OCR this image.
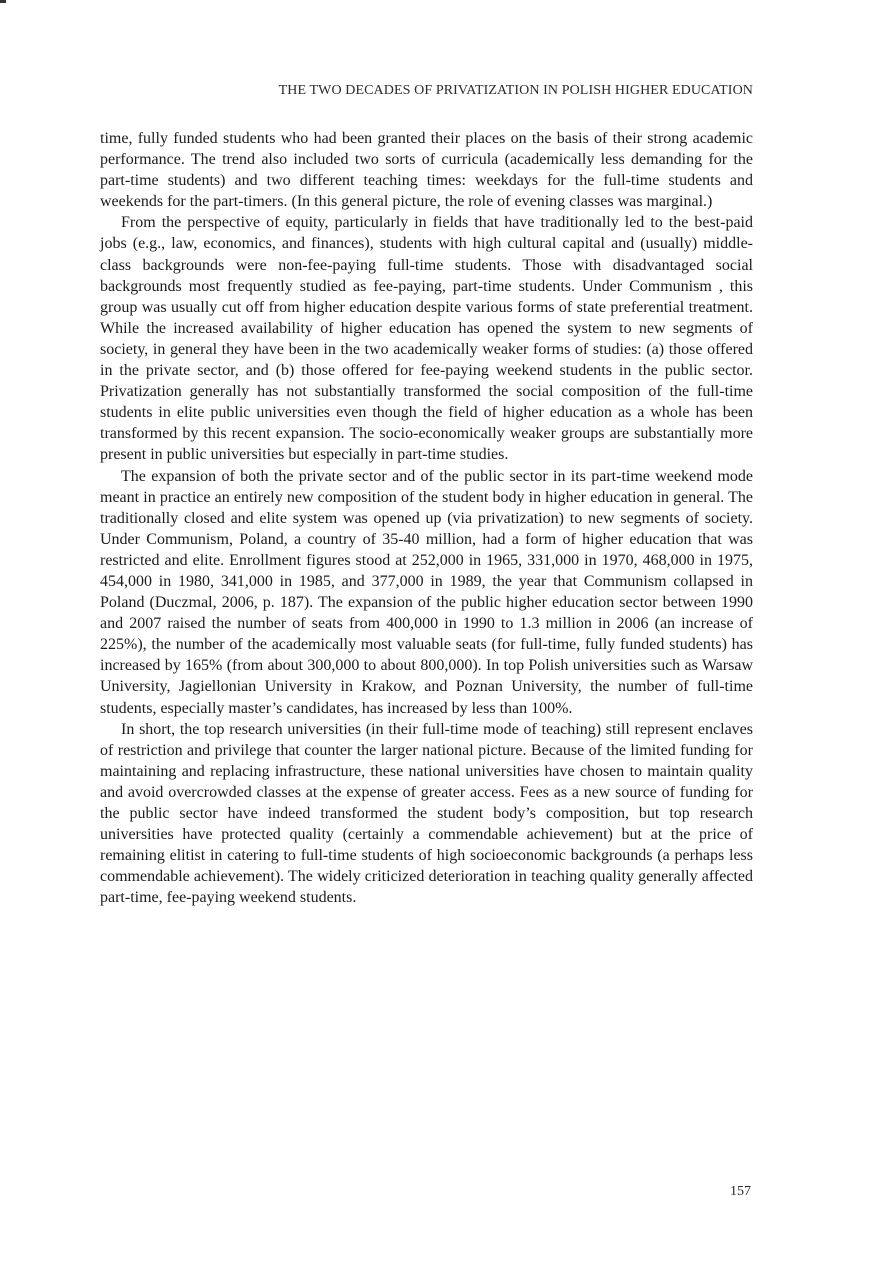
THE TWO DECADES OF PRIVATIZATION IN POLISH HIGHER EDUCATION

time, fully funded students who had been granted their places on the basis of their strong academic performance. The trend also included two sorts of curricula (academically less demanding for the part-time students) and two different teaching times: weekdays for the full-time students and weekends for the part-timers. (In this general picture, the role of evening classes was marginal.)

From the perspective of equity, particularly in fields that have traditionally led to the best-paid jobs (e.g., law, economics, and finances), students with high cultural capital and (usually) middle-class backgrounds were non-fee-paying full-time students. Those with disadvantaged social backgrounds most frequently studied as fee-paying, part-time students. Under Communism , this group was usually cut off from higher education despite various forms of state preferential treatment. While the increased availability of higher education has opened the system to new segments of society, in general they have been in the two academically weaker forms of studies: (a) those offered in the private sector, and (b) those offered for fee-paying weekend students in the public sector. Privatization generally has not substantially transformed the social composition of the full-time students in elite public universities even though the field of higher education as a whole has been transformed by this recent expansion. The socio-economically weaker groups are substantially more present in public universities but especially in part-time studies.

The expansion of both the private sector and of the public sector in its part-time weekend mode meant in practice an entirely new composition of the student body in higher education in general. The traditionally closed and elite system was opened up (via privatization) to new segments of society. Under Communism, Poland, a country of 35-40 million, had a form of higher education that was restricted and elite. Enrollment figures stood at 252,000 in 1965, 331,000 in 1970, 468,000 in 1975, 454,000 in 1980, 341,000 in 1985, and 377,000 in 1989, the year that Communism collapsed in Poland (Duczmal, 2006, p. 187). The expansion of the public higher education sector between 1990 and 2007 raised the number of seats from 400,000 in 1990 to 1.3 million in 2006 (an increase of 225%), the number of the academically most valuable seats (for full-time, fully funded students) has increased by 165% (from about 300,000 to about 800,000). In top Polish universities such as Warsaw University, Jagiellonian University in Krakow, and Poznan University, the number of full-time students, especially master’s candidates, has increased by less than 100%.

In short, the top research universities (in their full-time mode of teaching) still represent enclaves of restriction and privilege that counter the larger national picture. Because of the limited funding for maintaining and replacing infrastructure, these national universities have chosen to maintain quality and avoid overcrowded classes at the expense of greater access. Fees as a new source of funding for the public sector have indeed transformed the student body’s composition, but top research universities have protected quality (certainly a commendable achievement) but at the price of remaining elitist in catering to full-time students of high socioeconomic backgrounds (a perhaps less commendable achievement). The widely criticized deterioration in teaching quality generally affected part-time, fee-paying weekend students.

157
